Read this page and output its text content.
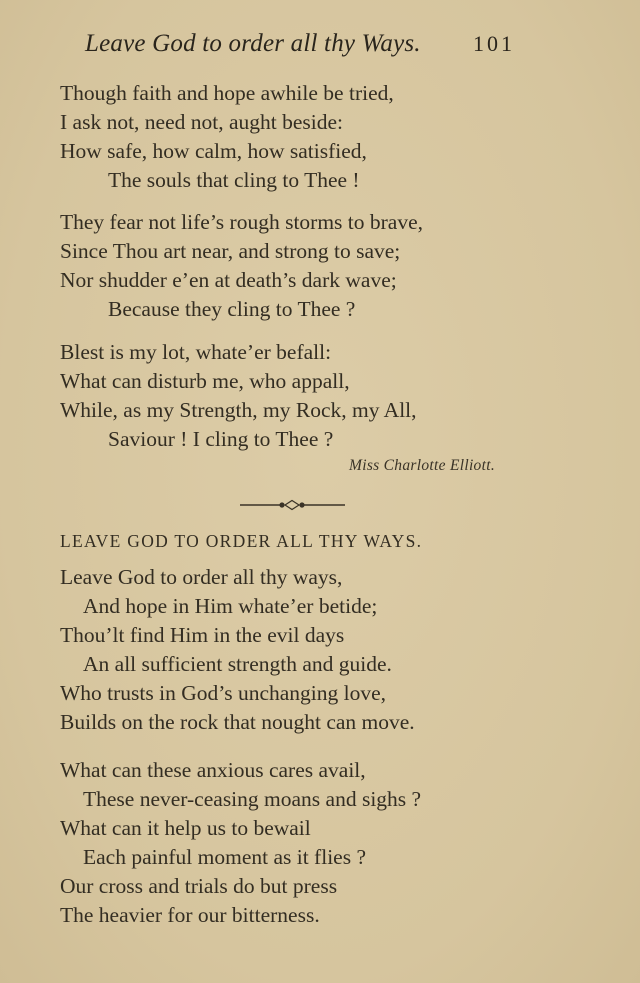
Leave God to order all thy Ways. 101
Though faith and hope awhile be tried,
I ask not, need not, aught beside:
How safe, how calm, how satisfied,
The souls that cling to Thee !
They fear not life’s rough storms to brave,
Since Thou art near, and strong to save;
Nor shudder e’en at death’s dark wave;
Because they cling to Thee ?
Blest is my lot, whate’er befall:
What can disturb me, who appall,
While, as my Strength, my Rock, my All,
Saviour ! I cling to Thee ?
Miss Charlotte Elliott.
LEAVE GOD TO ORDER ALL THY WAYS.
Leave God to order all thy ways,
And hope in Him whate’er betide;
Thou’lt find Him in the evil days
An all sufficient strength and guide.
Who trusts in God’s unchanging love,
Builds on the rock that nought can move.
What can these anxious cares avail,
These never-ceasing moans and sighs ?
What can it help us to bewail
Each painful moment as it flies ?
Our cross and trials do but press
The heavier for our bitterness.
